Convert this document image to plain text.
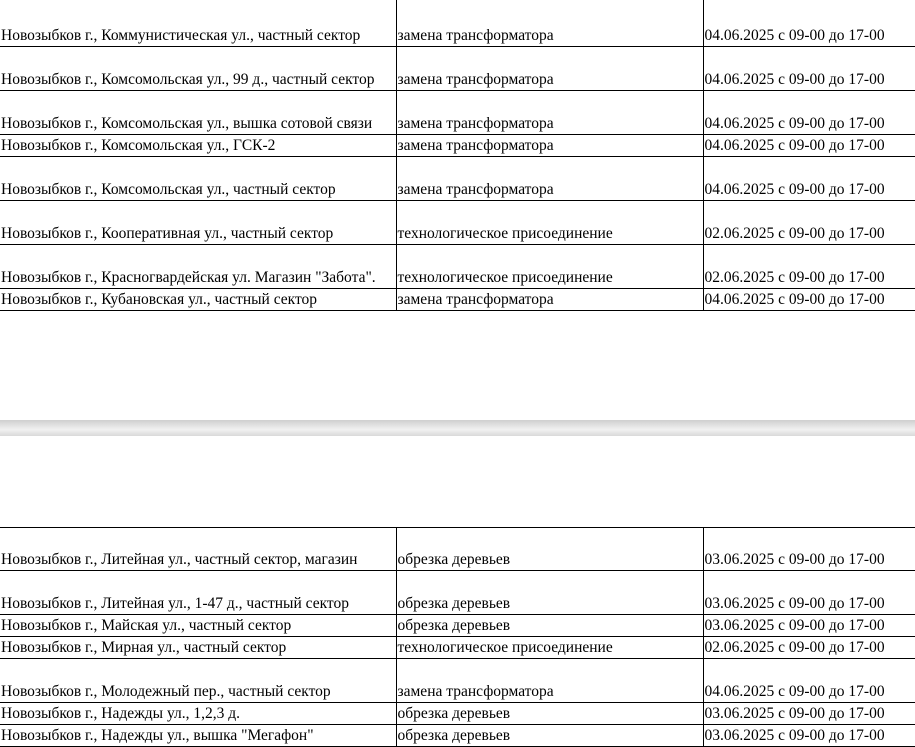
Новозыбков г., Коммунистическая ул., частный сектор	замена трансформатора	04.06.2025 с 09-00 до 17-00
Новозыбков г., Комсомольская ул., 99 д., частный сектор	замена трансформатора	04.06.2025 с 09-00 до 17-00
Новозыбков г., Комсомольская ул., вышка сотовой связи	замена трансформатора	04.06.2025 с 09-00 до 17-00
Новозыбков г., Комсомольская ул., ГСК-2	замена трансформатора	04.06.2025 с 09-00 до 17-00
Новозыбков г., Комсомольская ул., частный сектор	замена трансформатора	04.06.2025 с 09-00 до 17-00
Новозыбков г., Кооперативная ул., частный сектор	технологическое присоединение	02.06.2025 с 09-00 до 17-00
Новозыбков г., Красногвардейская ул. Магазин "Забота".	технологическое присоединение	02.06.2025 с 09-00 до 17-00
Новозыбков г., Кубановская ул., частный сектор	замена трансформатора	04.06.2025 с 09-00 до 17-00
Новозыбков г., Литейная ул., частный сектор, магазин	обрезка деревьев	03.06.2025 с 09-00 до 17-00
Новозыбков г., Литейная ул., 1-47 д., частный сектор	обрезка деревьев	03.06.2025 с 09-00 до 17-00
Новозыбков г., Майская ул., частный сектор	обрезка деревьев	03.06.2025 с 09-00 до 17-00
Новозыбков г., Мирная ул., частный сектор	технологическое присоединение	02.06.2025 с 09-00 до 17-00
Новозыбков г., Молодежный пер., частный сектор	замена трансформатора	04.06.2025 с 09-00 до 17-00
Новозыбков г., Надежды ул., 1,2,3 д.	обрезка деревьев	03.06.2025 с 09-00 до 17-00
Новозыбков г., Надежды ул., вышка "Мегафон"	обрезка деревьев	03.06.2025 с 09-00 до 17-00
